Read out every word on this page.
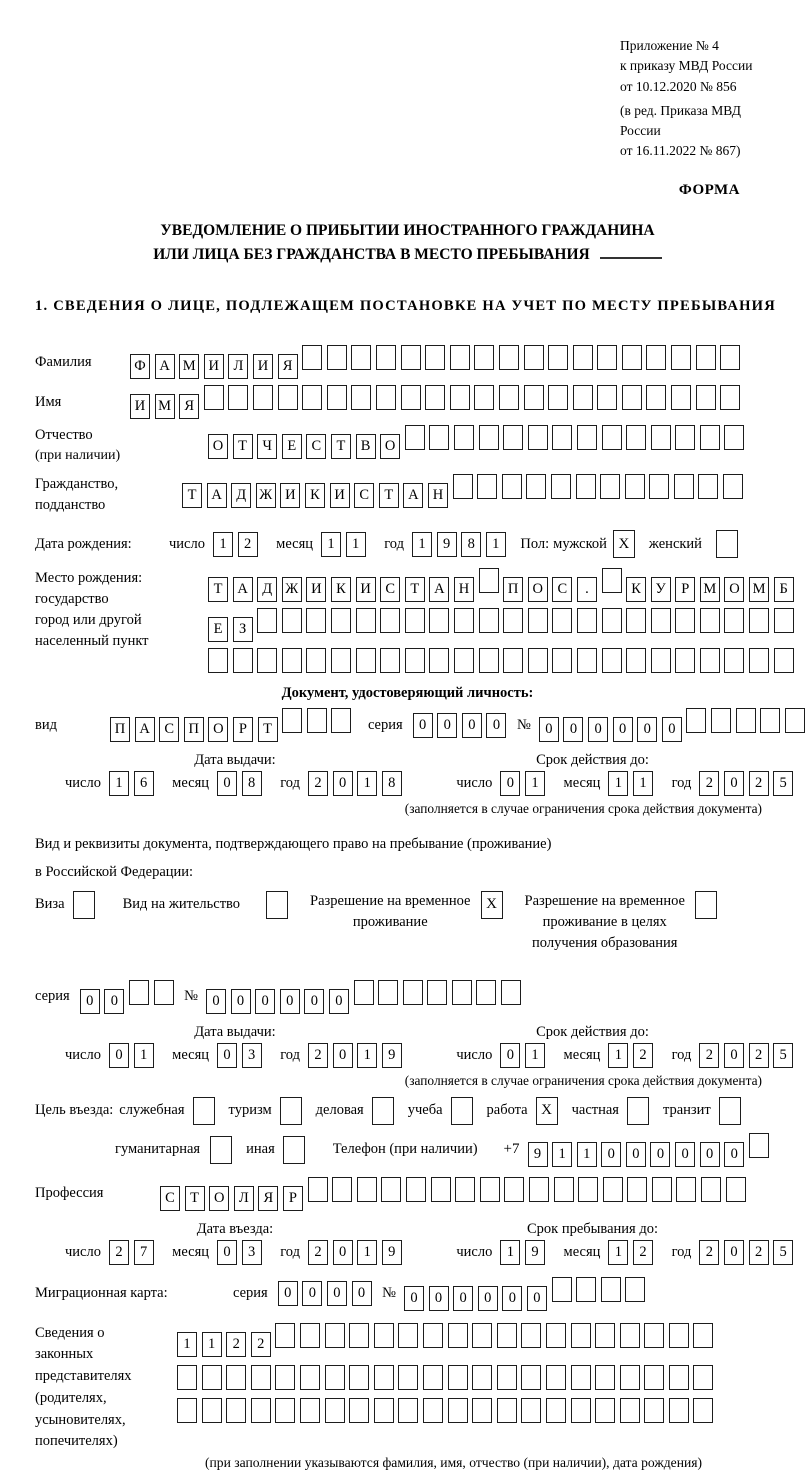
Приложение № 4
к приказу МВД России
от 10.12.2020 № 856
(в ред. Приказа МВД России
от 16.11.2022 № 867)
ФОРМА
УВЕДОМЛЕНИЕ О ПРИБЫТИИ ИНОСТРАННОГО ГРАЖДАНИНА
ИЛИ ЛИЦА БЕЗ ГРАЖДАНСТВА В МЕСТО ПРЕБЫВАНИЯ
1. СВЕДЕНИЯ О ЛИЦЕ, ПОДЛЕЖАЩЕМ ПОСТАНОВКЕ НА УЧЕТ ПО МЕСТУ ПРЕБЫВАНИЯ
Фамилия	Ф А М И Л И Я
Имя	И М Я
Отчество
(при наличии)
О Т Ч Е С Т В О
Гражданство,
подданство
Т А Д Ж И К И С Т А Н
Дата рождения:	число 1 2	месяц 1 1	год 1 9 8 1	Пол: мужской X	женский
Место рождения:
государство
город или другой
населенный пункт
Т А Д Ж И К И С Т А Н	П О С .	К У Р М О М Б
Е З
Документ, удостоверяющий личность:
вид	П А С П О Р Т	серия	0 0 0 0	№ 0 0 0 0 0 0
Дата выдачи:	Срок действия до:
число 1 6	месяц 0 8	год 2 0 1 8	число 0 1	месяц 1 1	год 2 0 2 5
(заполняется в случае ограничения срока действия документа)
Вид и реквизиты документа, подтверждающего право на пребывание (проживание)
в Российской Федерации:
Виза	Вид на жительство	Разрешение на временное
проживание
X	Разрешение на временное
проживание в целях
получения образования
серия	0 0	№ 0 0 0 0 0 0
Дата выдачи:	Срок действия до:
число 0 1	месяц 0 3	год 2 0 1 9	число 0 1	месяц 1 2	год 2 0 2 5
(заполняется в случае ограничения срока действия документа)
Цель въезда: служебная	туризм	деловая	учеба	работа X	частная	транзит
гуманитарная	иная	Телефон (при наличии) +7 9 1 1 0 0 0 0 0 0
Профессия	С Т О Л Я Р
Дата въезда:	Срок пребывания до:
число 2 7	месяц 0 3	год 2 0 1 9	число 1 9	месяц 1 2	год 2 0 2 5
Миграционная карта:	серия	0 0 0 0	№ 0 0 0 0 0 0
Сведения о
законных
представителях
(родителях,
усыновителях,
попечителях)
1 1 2 2
(при заполнении указываются фамилия, имя, отчество (при наличии), дата рождения)
